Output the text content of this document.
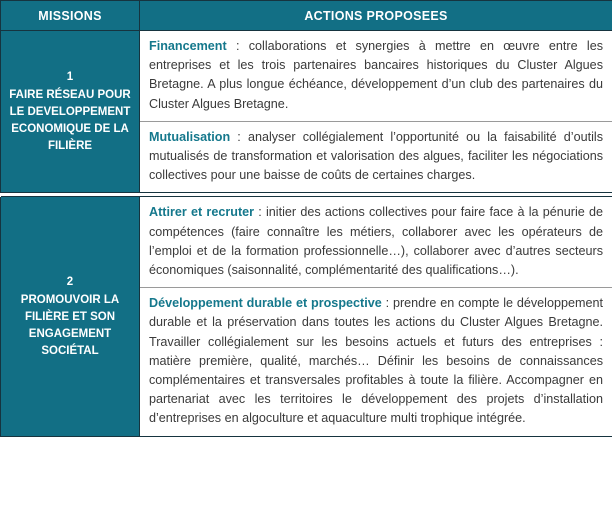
MISSIONS	ACTIONS PROPOSEES

1
FAIRE RÉSEAU POUR LE DEVELOPPEMENT ECONOMIQUE DE LA FILIÈRE	Financement : collaborations et synergies à mettre en œuvre entre les entreprises et les trois partenaires bancaires historiques du Cluster Algues Bretagne. A plus longue échéance, développement d’un club des partenaires du Cluster Algues Bretagne.
	Mutualisation : analyser collégialement l’opportunité ou la faisabilité d’outils mutualisés de transformation et valorisation des algues, faciliter les négociations collectives pour une baisse de coûts de certaines charges.

2
PROMOUVOIR LA FILIÈRE ET SON ENGAGEMENT SOCIÉTAL	Attirer et recruter : initier des actions collectives pour faire face à la pénurie de compétences (faire connaître les métiers, collaborer avec les opérateurs de l’emploi et de la formation professionnelle…), collaborer avec d’autres secteurs économiques (saisonnalité, complémentarité des qualifications…).
	Développement durable et prospective : prendre en compte le développement durable et la préservation dans toutes les actions du Cluster Algues Bretagne. Travailler collégialement sur les besoins actuels et futurs des entreprises : matière première, qualité, marchés… Définir les besoins de connaissances complémentaires et transversales profitables à toute la filière. Accompagner en partenariat avec les territoires le développement des projets d’installation d’entreprises en algoculture et aquaculture multi trophique intégrée.
